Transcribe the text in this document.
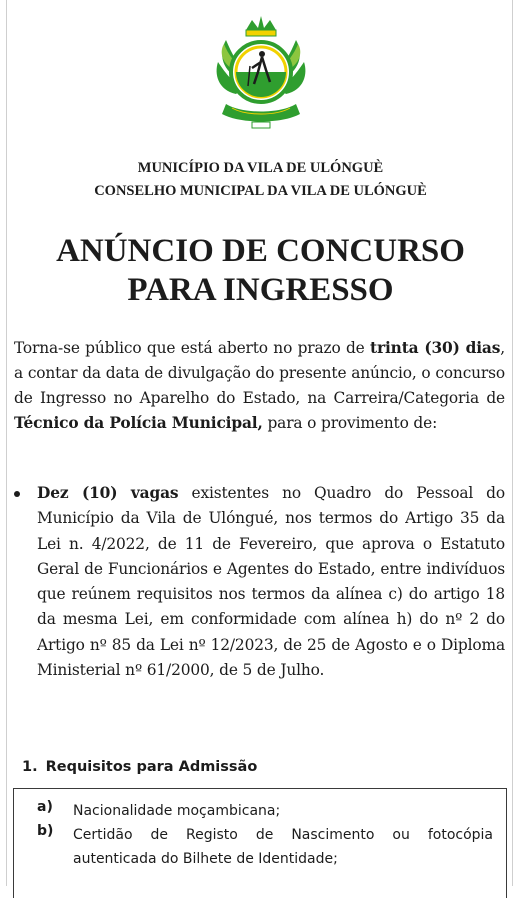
MUNICÍPIO DA VILA DE ULÓNGUÈ
CONSELHO MUNICIPAL DA VILA DE ULÓNGUÈ
ANÚNCIO DE CONCURSO
PARA INGRESSO

Torna-se público que está aberto no prazo de trinta (30) dias, a contar da data de divulgação do presente anúncio, o concurso de Ingresso no Aparelho do Estado, na Carreira/Categoria de Técnico da Polícia Municipal, para o provimento de:

Dez (10) vagas existentes no Quadro do Pessoal do Município da Vila de Ulóngué, nos termos do Artigo 35 da Lei n. 4/2022, de 11 de Fevereiro, que aprova o Estatuto Geral de Funcionários e Agentes do Estado, entre indivíduos que reúnem requisitos nos termos da alínea c) do artigo 18 da mesma Lei, em conformidade com alínea h) do nº 2 do Artigo nº 85 da Lei nº 12/2023, de 25 de Agosto e o Diploma Ministerial nº 61/2000, de 5 de Julho.
1. Requisitos para Admissão
a) Nacionalidade moçambicana;
b) Certidão de Registo de Nascimento ou fotocópia autenticada do Bilhete de Identidade;
